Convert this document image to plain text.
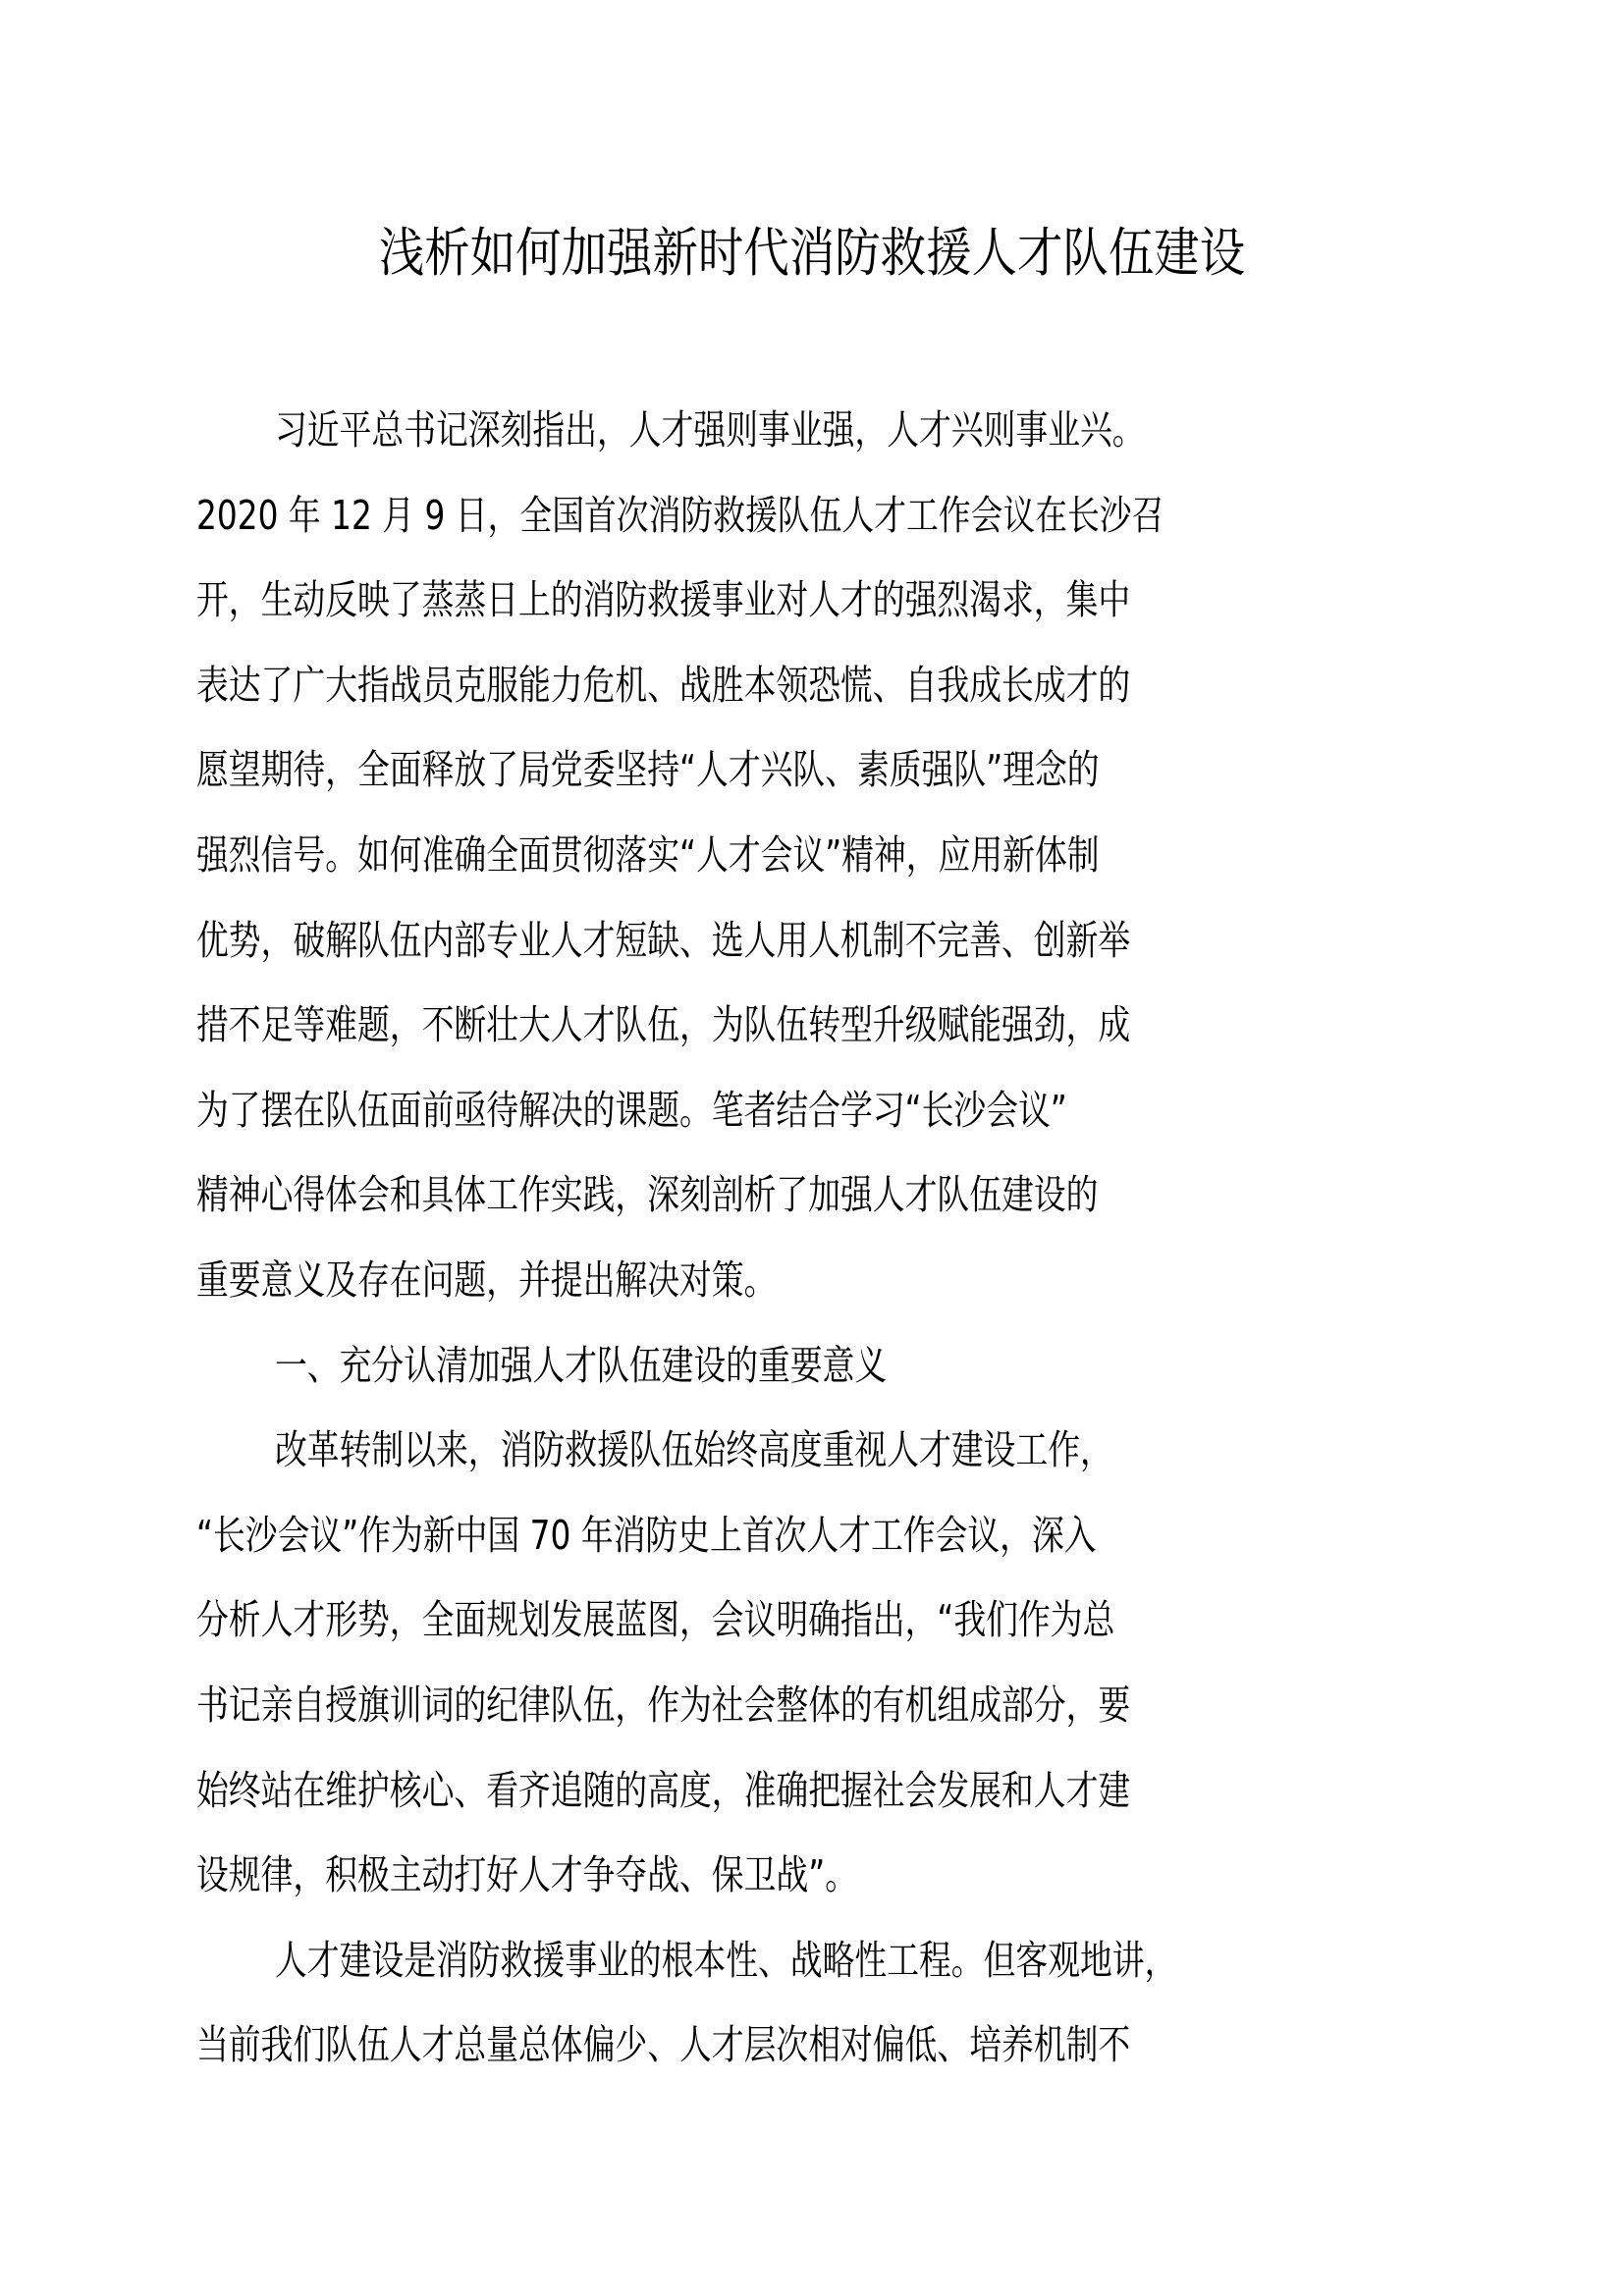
浅析如何加强新时代消防救援人才队伍建设
习近平总书记深刻指出，人才强则事业强，人才兴则事业兴。
2020 年 12 月 9 日，全国首次消防救援队伍人才工作会议在长沙召
开，生动反映了蒸蒸日上的消防救援事业对人才的强烈渴求，集中
表达了广大指战员克服能力危机、战胜本领恐慌、自我成长成才的
愿望期待，全面释放了局党委坚持“人才兴队、素质强队”理念的
强烈信号。如何准确全面贯彻落实“人才会议”精神，应用新体制
优势，破解队伍内部专业人才短缺、选人用人机制不完善、创新举
措不足等难题，不断壮大人才队伍，为队伍转型升级赋能强劲，成
为了摆在队伍面前亟待解决的课题。笔者结合学习“长沙会议”
精神心得体会和具体工作实践，深刻剖析了加强人才队伍建设的
重要意义及存在问题，并提出解决对策。
一、充分认清加强人才队伍建设的重要意义
改革转制以来，消防救援队伍始终高度重视人才建设工作，
“长沙会议”作为新中国 70 年消防史上首次人才工作会议，深入
分析人才形势，全面规划发展蓝图，会议明确指出，“我们作为总
书记亲自授旗训词的纪律队伍，作为社会整体的有机组成部分，要
始终站在维护核心、看齐追随的高度，准确把握社会发展和人才建
设规律，积极主动打好人才争夺战、保卫战”。
人才建设是消防救援事业的根本性、战略性工程。但客观地讲，
当前我们队伍人才总量总体偏少、人才层次相对偏低、培养机制不
